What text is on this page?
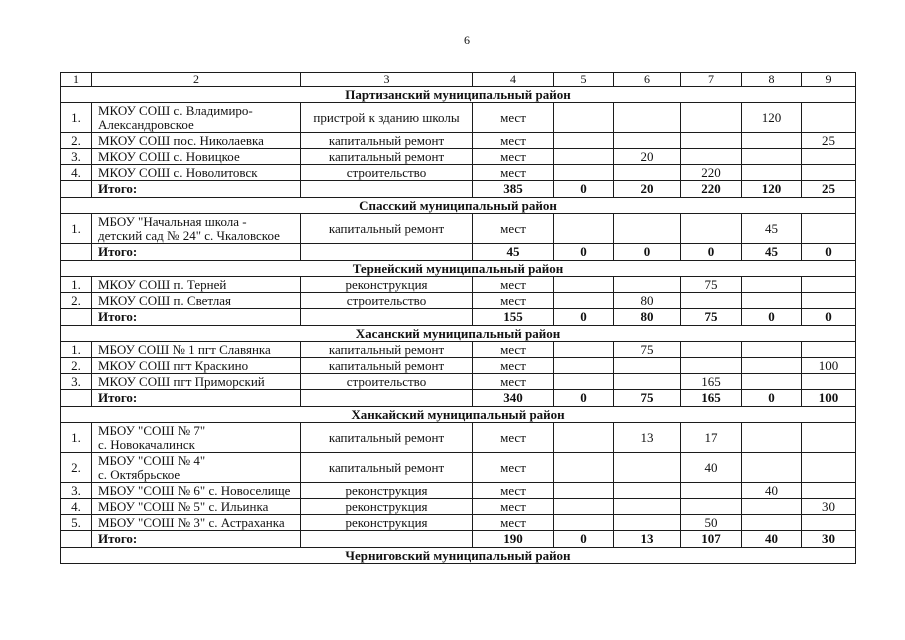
6
1	2	3	4	5	6	7	8	9
Партизанский муниципальный район								
1.	МКОУ СОШ с. Владимиро-
Александровское	пристрой к зданию школы	мест				120	
2.	МКОУ СОШ пос. Николаевка	капитальный ремонт	мест					25
3.	МКОУ СОШ с. Новицкое	капитальный ремонт	мест		20			
4.	МКОУ СОШ с. Новолитовск	строительство	мест			220		
	Итого:		385	0	20	220	120	25
Спасский муниципальный район								
1.	МБОУ "Начальная школа -
детский сад № 24" с. Чкаловское	капитальный ремонт	мест				45	
	Итого:		45	0	0	0	45	0
Тернейский муниципальный район								
1.	МКОУ СОШ п. Терней	реконструкция	мест			75		
2.	МКОУ СОШ п. Светлая	строительство	мест		80			
	Итого:		155	0	80	75	0	0
Хасанский муниципальный район								
1.	МБОУ СОШ № 1 пгт Славянка	капитальный ремонт	мест		75			
2.	МКОУ СОШ пгт Краскино	капитальный ремонт	мест					100
3.	МКОУ СОШ пгт Приморский	строительство	мест			165		
	Итого:		340	0	75	165	0	100
Ханкайский муниципальный район								
1.	МБОУ "СОШ № 7"
с. Новокачалинск	капитальный ремонт	мест		13	17		
2.	МБОУ "СОШ № 4"
с. Октябрьское	капитальный ремонт	мест			40		
3.	МБОУ "СОШ № 6" с. Новоселище	реконструкция	мест				40	
4.	МБОУ "СОШ № 5" с. Ильинка	реконструкция	мест					30
5.	МБОУ "СОШ № 3" с. Астраханка	реконструкция	мест			50		
	Итого:		190	0	13	107	40	30
Черниговский муниципальный район								
